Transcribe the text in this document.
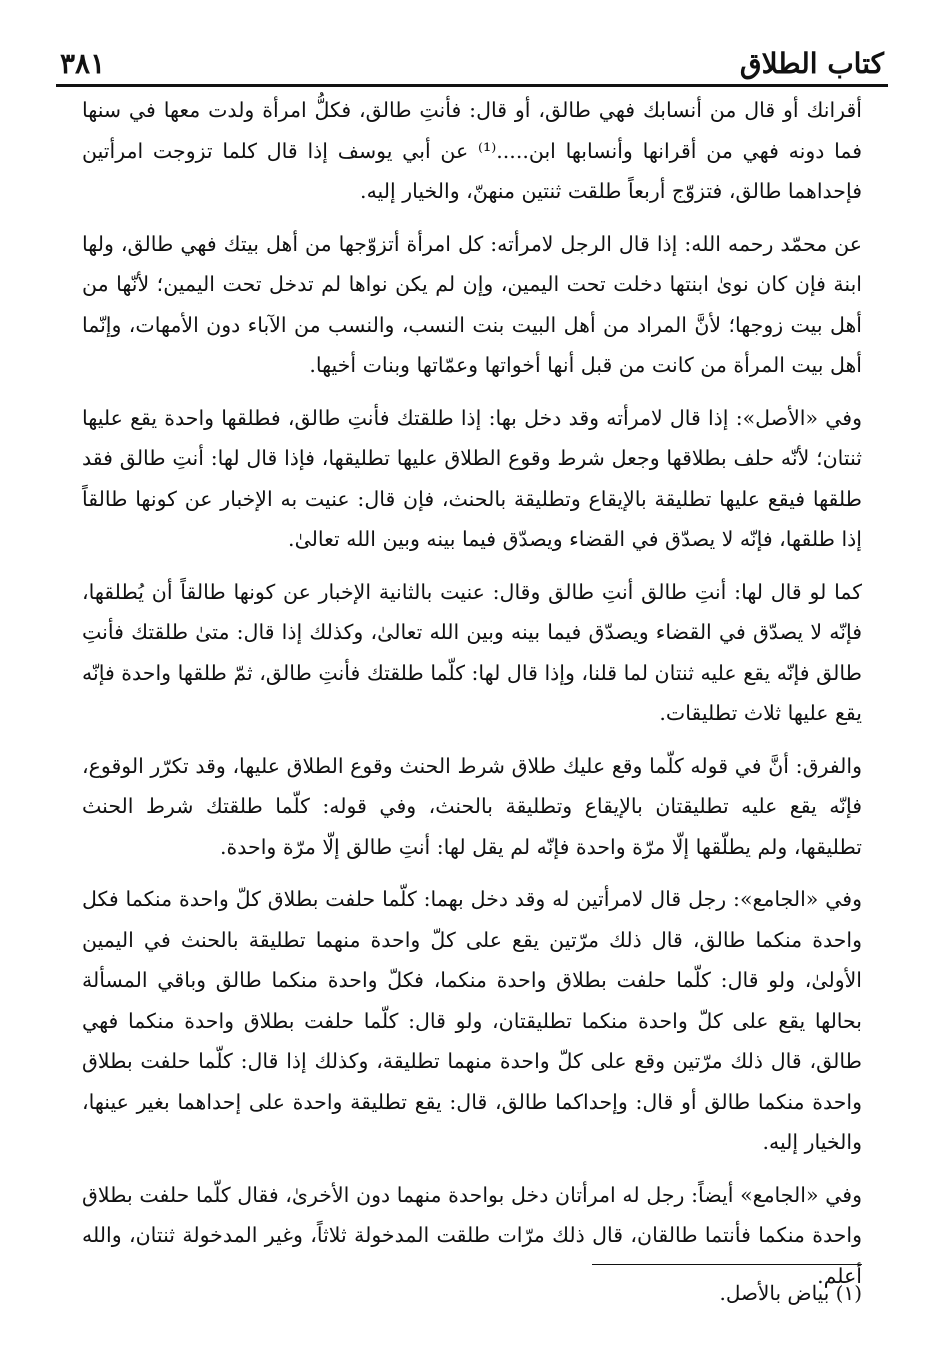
كتاب الطلاق
٣٨١

أقرانك أو قال من أنسابك فهي طالق، أو قال: فأنتِ طالق، فكلُّ امرأة ولدت معها في سنها فما دونه فهي من أقرانها وأنسابها ابن.....⁽¹⁾ عن أبي يوسف إذا قال كلما تزوجت امرأتين فإحداهما طالق، فتزوّج أربعاً طلقت ثنتين منهنّ، والخيار إليه.

عن محمّد رحمه الله: إذا قال الرجل لامرأته: كل امرأة أتزوّجها من أهل بيتك فهي طالق، ولها ابنة فإن كان نوىٰ ابنتها دخلت تحت اليمين، وإن لم يكن نواها لم تدخل تحت اليمين؛ لأنّها من أهل بيت زوجها؛ لأنَّ المراد من أهل البيت بنت النسب، والنسب من الآباء دون الأمهات، وإنّما أهل بيت المرأة من كانت من قبل أنها أخواتها وعمّاتها وبنات أخيها.

وفي «الأصل»: إذا قال لامرأته وقد دخل بها: إذا طلقتك فأنتِ طالق، فطلقها واحدة يقع عليها ثنتان؛ لأنّه حلف بطلاقها وجعل شرط وقوع الطلاق عليها تطليقها، فإذا قال لها: أنتِ طالق فقد طلقها فيقع عليها تطليقة بالإيقاع وتطليقة بالحنث، فإن قال: عنيت به الإخبار عن كونها طالقاً إذا طلقها، فإنّه لا يصدّق في القضاء ويصدّق فيما بينه وبين الله تعالىٰ.

كما لو قال لها: أنتِ طالق أنتِ طالق وقال: عنيت بالثانية الإخبار عن كونها طالقاً أن يُطلقها، فإنّه لا يصدّق في القضاء ويصدّق فيما بينه وبين الله تعالىٰ، وكذلك إذا قال: متىٰ طلقتك فأنتِ طالق فإنّه يقع عليه ثنتان لما قلنا، وإذا قال لها: كلّما طلقتك فأنتِ طالق، ثمّ طلقها واحدة فإنّه يقع عليها ثلاث تطليقات.

والفرق: أنَّ في قوله كلّما وقع عليك طلاق شرط الحنث وقوع الطلاق عليها، وقد تكرّر الوقوع، فإنّه يقع عليه تطليقتان بالإيقاع وتطليقة بالحنث، وفي قوله: كلّما طلقتك شرط الحنث تطليقها، ولم يطلّقها إلّا مرّة واحدة فإنّه لم يقل لها: أنتِ طالق إلّا مرّة واحدة.

وفي «الجامع»: رجل قال لامرأتين له وقد دخل بهما: كلّما حلفت بطلاق كلّ واحدة منكما فكل واحدة منكما طالق، قال ذلك مرّتين يقع على كلّ واحدة منهما تطليقة بالحنث في اليمين الأولىٰ، ولو قال: كلّما حلفت بطلاق واحدة منكما، فكلّ واحدة منكما طالق وباقي المسألة بحالها يقع على كلّ واحدة منكما تطليقتان، ولو قال: كلّما حلفت بطلاق واحدة منكما فهي طالق، قال ذلك مرّتين وقع على كلّ واحدة منهما تطليقة، وكذلك إذا قال: كلّما حلفت بطلاق واحدة منكما طالق أو قال: وإحداكما طالق، قال: يقع تطليقة واحدة على إحداهما بغير عينها، والخيار إليه.

وفي «الجامع» أيضاً: رجل له امرأتان دخل بواحدة منهما دون الأخرىٰ، فقال كلّما حلفت بطلاق واحدة منكما فأنتما طالقان، قال ذلك مرّات طلقت المدخولة ثلاثاً، وغير المدخولة ثنتان، والله أعلم.

(١) بياض بالأصل.
